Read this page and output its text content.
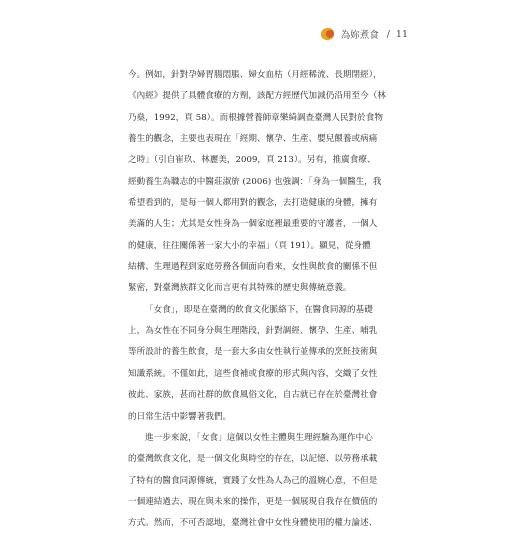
為妳煮食 / 11

今。例如，針對孕婦胃腸悶脹、婦女血枯（月經稀流、長期閉經），
《內經》提供了具體食療的方劑，該配方經歷代加減仍沿用至今（林
乃燊，1992，頁 58）。而根據營養師章樂綺調查臺灣人民對於食物
養生的觀念，主要也表現在「經期、懷孕、生產、嬰兒餵養或病痛
之時」（引自崔玖、林麗美，2009，頁 213）。另有，推廣食療、
經動養生為職志的中醫莊淑旂 (2006) 也強調：「身為一個醫生，我
希望看到的，是每一個人都用對的觀念，去打造健康的身體，擁有
美滿的人生；尤其是女性身為一個家庭裡最重要的守護者，一個人
的健康，往往關係著一家大小的幸福」（頁 191）。顯見，從身體
結構、生理過程到家庭勞務各個面向看來，女性與飲食的關係不但
緊密，對臺灣族群文化而言更有其特殊的歷史與傳統意義。

「女食」，即是在臺灣的飲食文化脈絡下，在醫食同源的基礎
上，為女性在不同身分與生理階段，針對調經、懷孕、生產、哺乳
等所設計的養生飲食，是一套大多由女性執行並傳承的烹飪技術與
知識系統。不僅如此，這些食補或食療的形式與內容，交織了女性
彼此、家族，甚而社群的飲食風俗文化，自古就已存在於臺灣社會
的日常生活中影響著我們。

進一步來說，「女食」這個以女性主體與生理經驗為運作中心
的臺灣飲食文化，是一個文化與時空的存在，以記憶、以勞務承載
了特有的醫食同源傳統，實踐了女性為人為己的溫婉心意，不但是
一個連結過去、現在與未來的操作，更是一個展現自我存在價值的
方式。然而，不可否認地，臺灣社會中女性身體使用的權力論述、
